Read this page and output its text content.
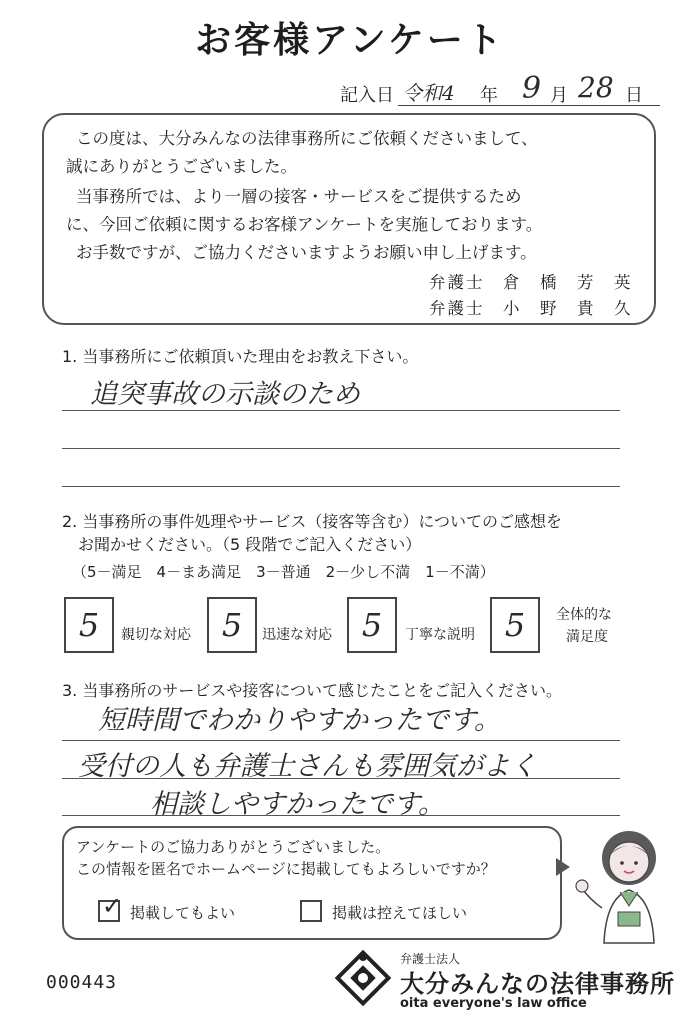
お客様アンケート
記入日 令和4 年 9 月 28 日
この度は、大分みんなの法律事務所にご依頼くださいまして、
誠にありがとうございました。
当事務所では、より一層の接客・サービスをご提供するため
に、今回ご依頼に関するお客様アンケートを実施しております。
お手数ですが、ご協力くださいますようお願い申し上げます。
弁護士　倉　橋　芳　英
弁護士　小　野　貴　久
1. 当事務所にご依頼頂いた理由をお教え下さい。
追突事故の示談のため
2. 当事務所の事件処理やサービス（接客等含む）についてのご感想を
お聞かせください。（5 段階でご記入ください）
（5－満足　4－まあ満足　3－普通　2－少し不満　1－不満）
5	親切な対応 5	迅速な対応 5	丁寧な説明 5	全体的な
満足度
3. 当事務所のサービスや接客について感じたことをご記入ください。
短時間でわかりやすかったです。
受付の人も弁護士さんも雰囲気がよく
相談しやすかったです。
アンケートのご協力ありがとうございました。
この情報を匿名でホームページに掲載してもよろしいですか？
✓ 掲載してもよい	掲載は控えてほしい
000443
弁護士法人
大分みんなの法律事務所
oita everyone's law office
